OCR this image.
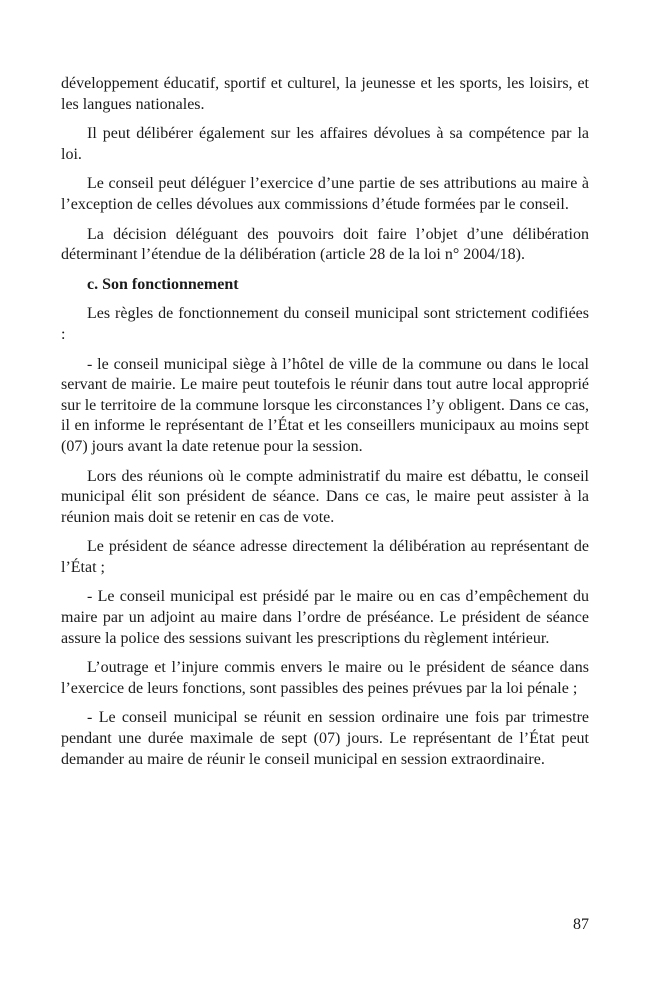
développement éducatif, sportif et culturel, la jeunesse et les sports, les loisirs, et les langues nationales.

Il peut délibérer également sur les affaires dévolues à sa compétence par la loi.

Le conseil peut déléguer l’exercice d’une partie de ses attributions au maire à l’exception de celles dévolues aux commissions d’étude formées par le conseil.

La décision déléguant des pouvoirs doit faire l’objet d’une délibération déterminant l’étendue de la délibération (article 28 de la loi n° 2004/18).

c. Son fonctionnement

Les règles de fonctionnement du conseil municipal sont strictement codifiées :

- le conseil municipal siège à l’hôtel de ville de la commune ou dans le local servant de mairie. Le maire peut toutefois le réunir dans tout autre local approprié sur le territoire de la commune lorsque les circonstances l’y obligent. Dans ce cas, il en informe le représentant de l’État et les conseillers municipaux au moins sept (07) jours avant la date retenue pour la session.

Lors des réunions où le compte administratif du maire est débattu, le conseil municipal élit son président de séance. Dans ce cas, le maire peut assister à la réunion mais doit se retenir en cas de vote.

Le président de séance adresse directement la délibération au représentant de l’État ;

- Le conseil municipal est présidé par le maire ou en cas d’empêchement du maire par un adjoint au maire dans l’ordre de préséance. Le président de séance assure la police des sessions suivant les prescriptions du règlement intérieur.

L’outrage et l’injure commis envers le maire ou le président de séance dans l’exercice de leurs fonctions, sont passibles des peines prévues par la loi pénale ;

- Le conseil municipal se réunit en session ordinaire une fois par trimestre pendant une durée maximale de sept (07) jours. Le représentant de l’État peut demander au maire de réunir le conseil municipal en session extraordinaire.

87
